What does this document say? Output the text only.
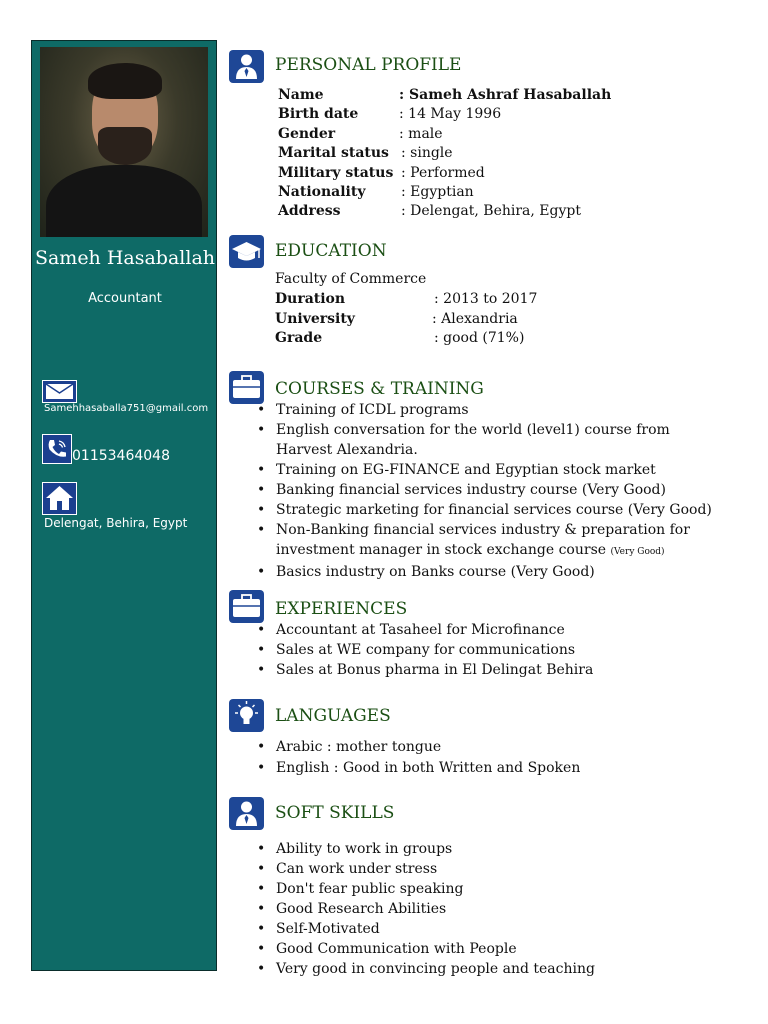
Sameh Hasaballah
Accountant
Samehhasaballa751@gmail.com
01153464048
Delengat, Behira, Egypt
PERSONAL PROFILE
Name	: Sameh Ashraf Hasaballah
Birth date	: 14 May 1996
Gender	: male
Marital status : single
Military status : Performed
Nationality	: Egyptian
Address	: Delengat, Behira, Egypt
EDUCATION
Faculty of Commerce
Duration	: 2013 to 2017
University	: Alexandria
Grade	: good (71%)
COURSES & TRAINING
• Training of ICDL programs
• English conversation for the world (level1) course from
Harvest Alexandria.
• Training on EG-FINANCE and Egyptian stock market
• Banking financial services industry course (Very Good)
• Strategic marketing for financial services course (Very Good)
• Non-Banking financial services industry & preparation for
investment manager in stock exchange course (Very Good)
• Basics industry on Banks course (Very Good)
EXPERIENCES
• Accountant at Tasaheel for Microfinance
• Sales at WE company for communications
• Sales at Bonus pharma in El Delingat Behira
LANGUAGES
• Arabic : mother tongue
• English : Good in both Written and Spoken
SOFT SKILLS
• Ability to work in groups
• Can work under stress
• Don't fear public speaking
• Good Research Abilities
• Self-Motivated
• Good Communication with People
• Very good in convincing people and teaching
